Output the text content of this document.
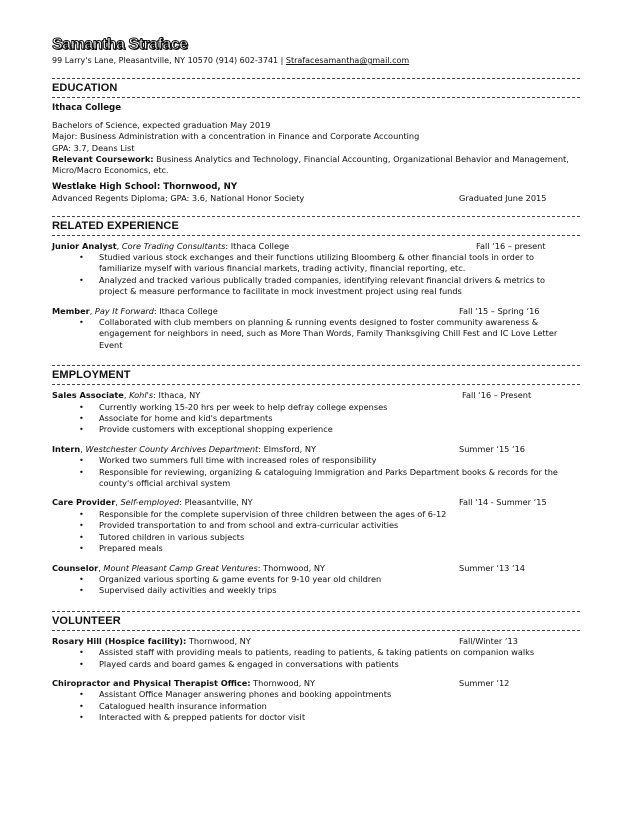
Samantha Straface
99 Larry's Lane, Pleasantville, NY 10570 (914) 602-3741 | Strafacesamantha@gmail.com
EDUCATION
Ithaca College
Bachelors of Science, expected graduation May 2019
Major: Business Administration with a concentration in Finance and Corporate Accounting
GPA: 3.7, Deans List
Relevant Coursework: Business Analytics and Technology, Financial Accounting, Organizational Behavior and Management,
Micro/Macro Economics, etc.
Westlake High School: Thornwood, NY
Advanced Regents Diploma; GPA: 3.6, National Honor Society	Graduated June 2015
RELATED EXPERIENCE
Junior Analyst, Core Trading Consultants: Ithaca College	Fall ‘16 – present
• Studied various stock exchanges and their functions utilizing Bloomberg & other financial tools in order to
familiarize myself with various financial markets, trading activity, financial reporting, etc.
• Analyzed and tracked various publically traded companies, identifying relevant financial drivers & metrics to
project & measure performance to facilitate in mock investment project using real funds
Member, Pay It Forward: Ithaca College	Fall ‘15 – Spring ‘16
• Collaborated with club members on planning & running events designed to foster community awareness &
engagement for neighbors in need, such as More Than Words, Family Thanksgiving Chill Fest and IC Love Letter
Event
EMPLOYMENT
Sales Associate, Kohl's: Ithaca, NY	Fall ‘16 – Present
• Currently working 15-20 hrs per week to help defray college expenses
• Associate for home and kid's departments
• Provide customers with exceptional shopping experience
Intern, Westchester County Archives Department: Elmsford, NY	Summer ‘15 ‘16
• Worked two summers full time with increased roles of responsibility
• Responsible for reviewing, organizing & cataloguing Immigration and Parks Department books & records for the
county's official archival system
Care Provider, Self-employed: Pleasantville, NY	Fall ‘14 - Summer ‘15
• Responsible for the complete supervision of three children between the ages of 6-12
• Provided transportation to and from school and extra-curricular activities
• Tutored children in various subjects
• Prepared meals
Counselor, Mount Pleasant Camp Great Ventures: Thornwood, NY	Summer ‘13 ‘14
• Organized various sporting & game events for 9-10 year old children
• Supervised daily activities and weekly trips
VOLUNTEER
Rosary Hill (Hospice facility): Thornwood, NY	Fall/Winter ‘13
• Assisted staff with providing meals to patients, reading to patients, & taking patients on companion walks
• Played cards and board games & engaged in conversations with patients
Chiropractor and Physical Therapist Office: Thornwood, NY	Summer ‘12
• Assistant Office Manager answering phones and booking appointments
• Catalogued health insurance information
• Interacted with & prepped patients for doctor visit
